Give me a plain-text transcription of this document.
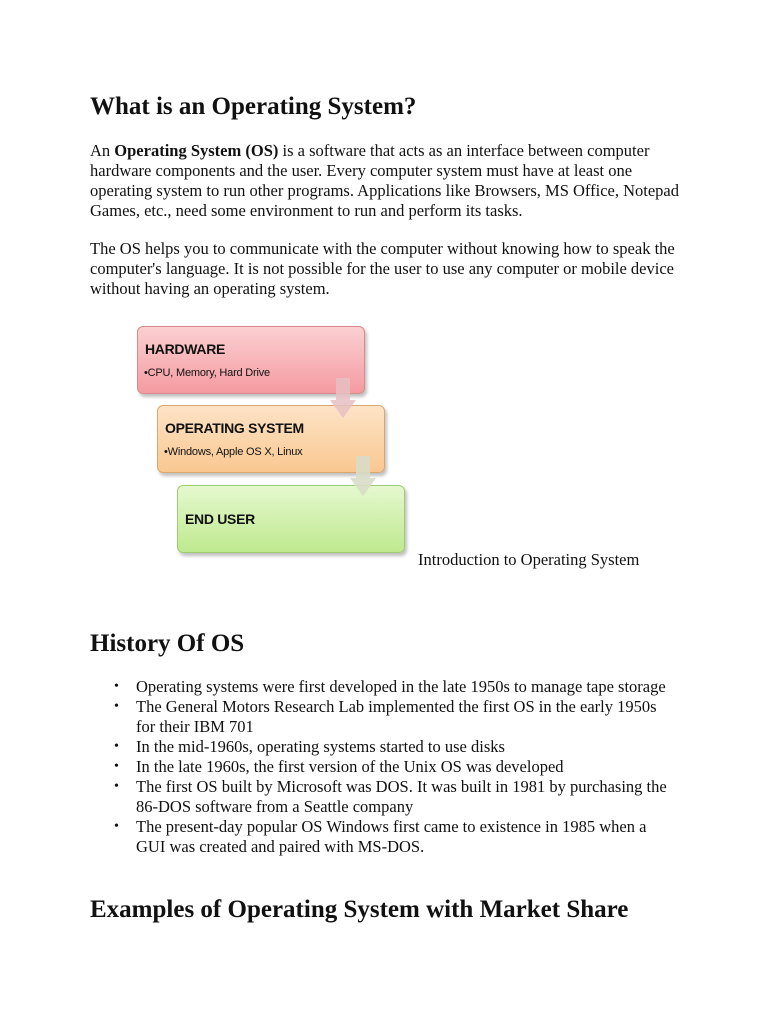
What is an Operating System?

An Operating System (OS) is a software that acts as an interface between computer hardware components and the user. Every computer system must have at least one operating system to run other programs. Applications like Browsers, MS Office, Notepad Games, etc., need some environment to run and perform its tasks.

The OS helps you to communicate with the computer without knowing how to speak the computer's language. It is not possible for the user to use any computer or mobile device without having an operating system.

History Of OS
• Operating systems were first developed in the late 1950s to manage tape storage
• The General Motors Research Lab implemented the first OS in the early 1950s for their IBM 701
• In the mid-1960s, operating systems started to use disks
• In the late 1960s, the first version of the Unix OS was developed
• The first OS built by Microsoft was DOS. It was built in 1981 by purchasing the 86-DOS software from a Seattle company
• The present-day popular OS Windows first came to existence in 1985 when a GUI was created and paired with MS-DOS.
Examples of Operating System with Market Share
HARDWARE
•CPU, Memory, Hard Drive
OPERATING SYSTEM
•Windows, Apple OS X, Linux
END USER
Introduction to Operating System
